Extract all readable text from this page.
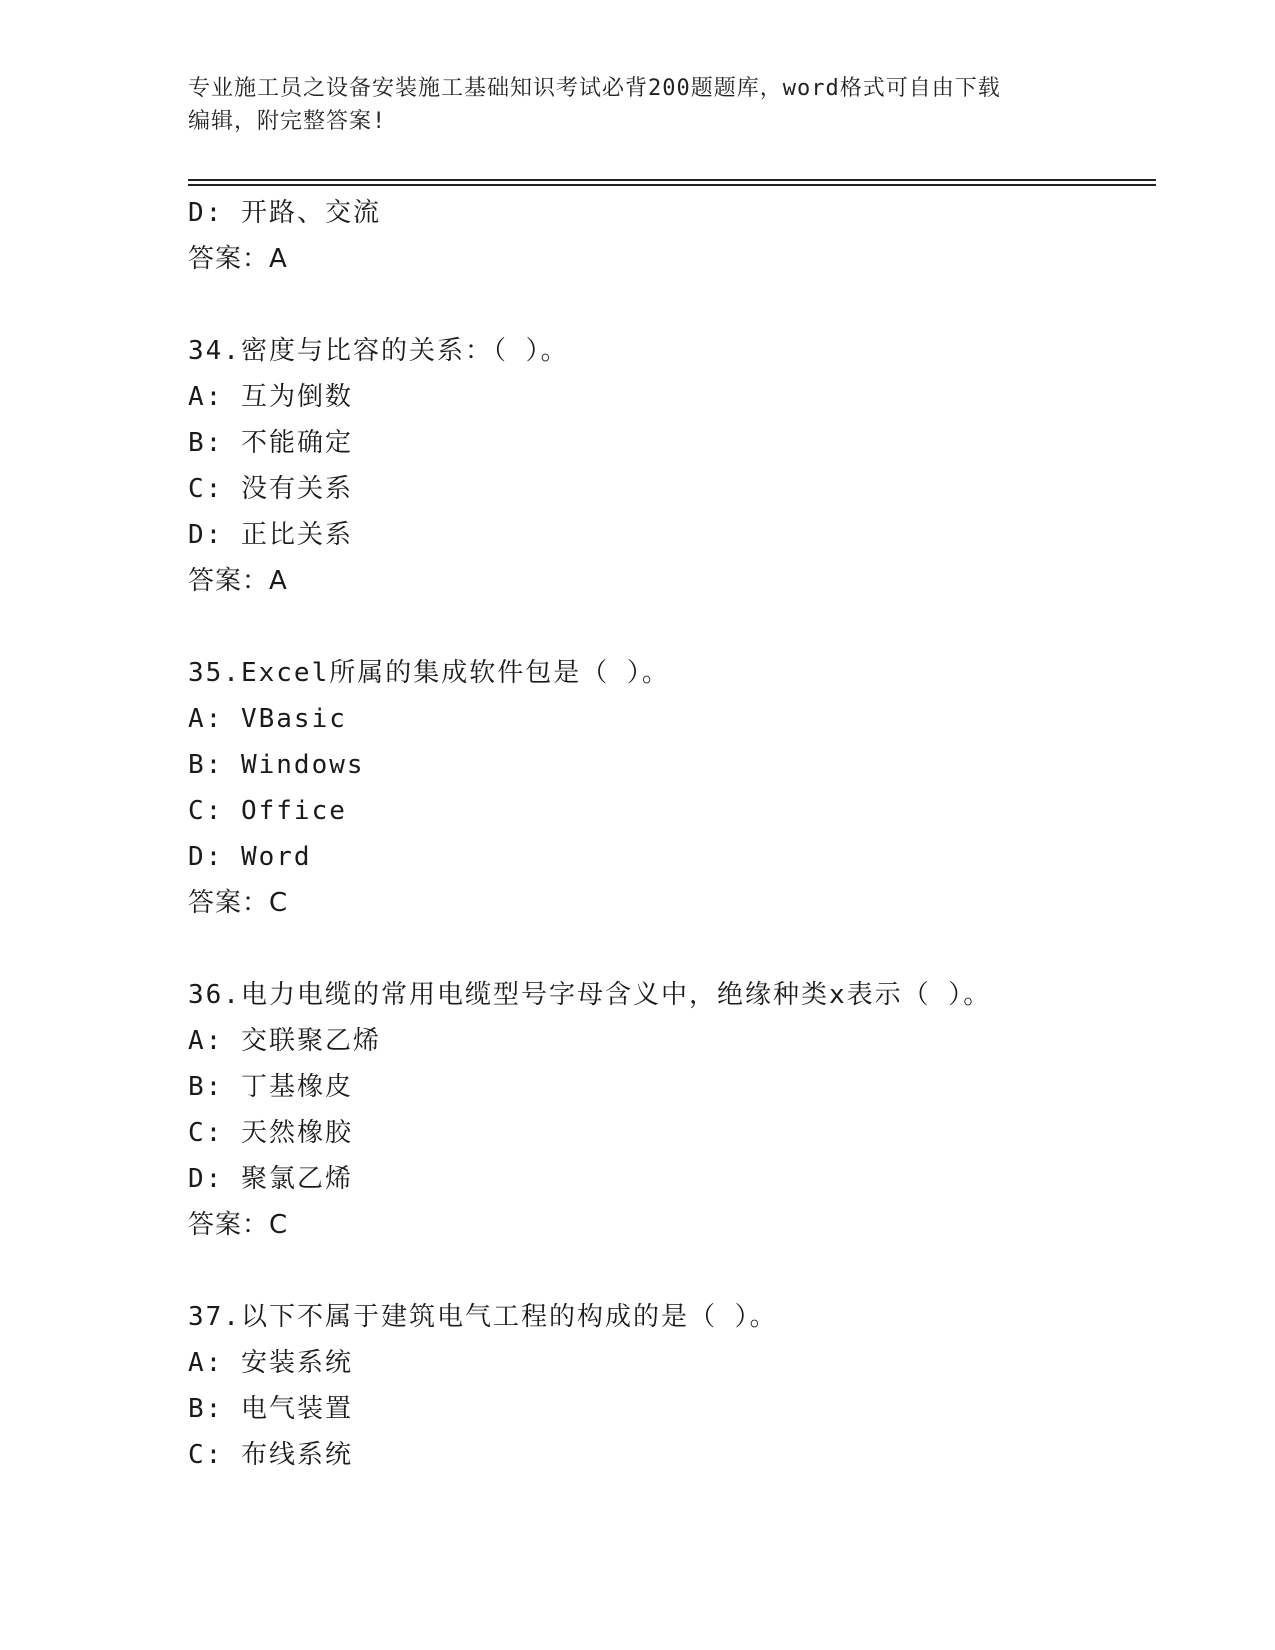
专业施工员之设备安装施工基础知识考试必背200题题库，word格式可自由下载
编辑，附完整答案!
D: 开路、交流
答案：A
34.密度与比容的关系：（ ）。
A: 互为倒数
B: 不能确定
C: 没有关系
D: 正比关系
答案：A
35.Excel所属的集成软件包是（ ）。
A: VBasic
B: Windows
C: Office
D: Word
答案：C
36.电力电缆的常用电缆型号字母含义中，绝缘种类x表示（ ）。
A: 交联聚乙烯
B: 丁基橡皮
C: 天然橡胶
D: 聚氯乙烯
答案：C
37.以下不属于建筑电气工程的构成的是（ ）。
A: 安装系统
B: 电气装置
C: 布线系统
